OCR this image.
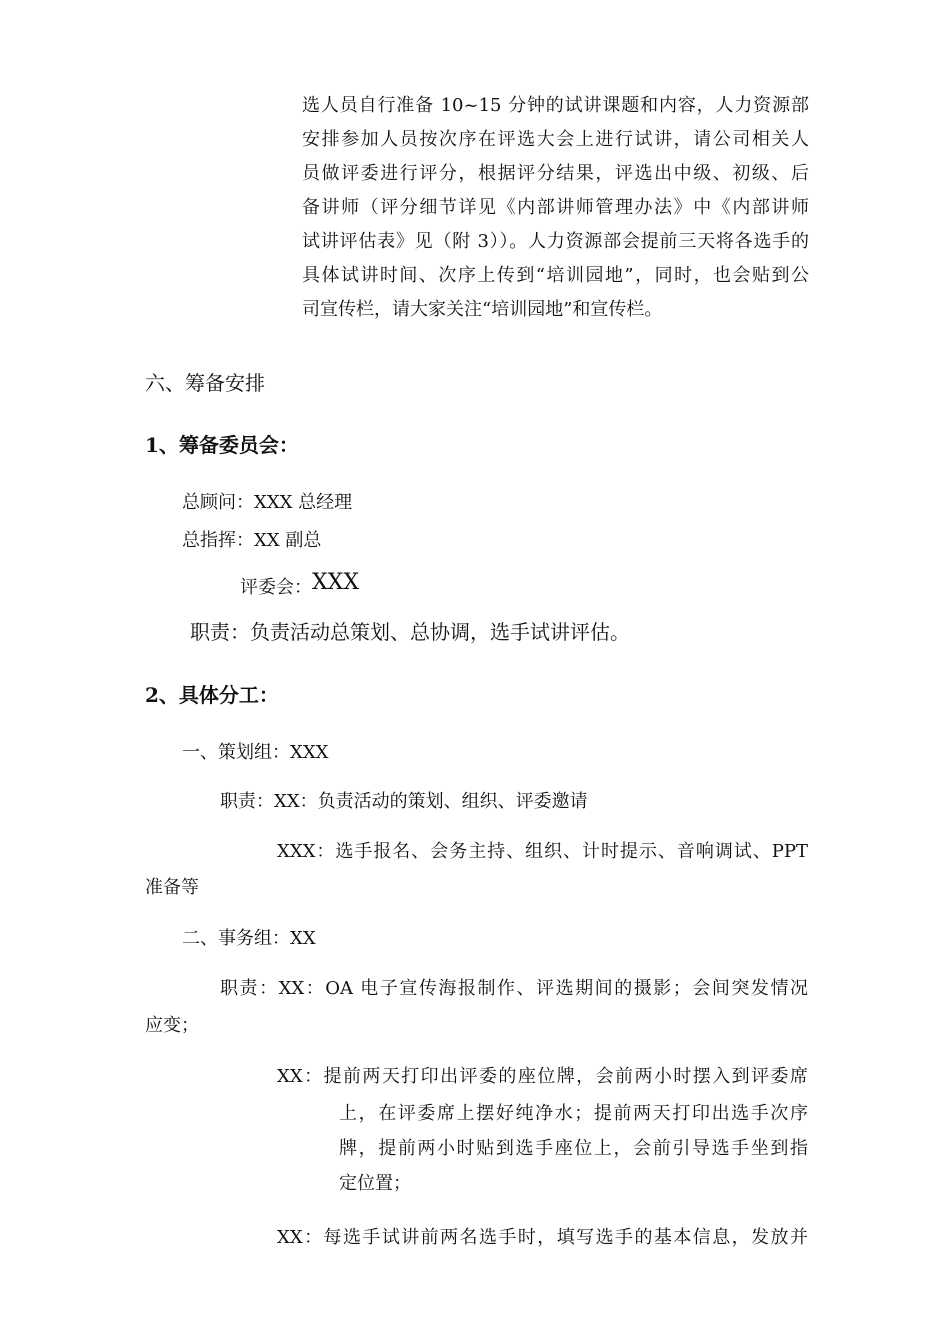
选人员自行准备 10~15 分钟的试讲课题和内容，人力资源部
安排参加人员按次序在评选大会上进行试讲，请公司相关人
员做评委进行评分，根据评分结果，评选出中级、初级、后
备讲师（评分细节详见《内部讲师管理办法》中《内部讲师
试讲评估表》见（附 3））。人力资源部会提前三天将各选手的
具体试讲时间、次序上传到“培训园地”，同时，也会贴到公
司宣传栏，请大家关注“培训园地”和宣传栏。
六、筹备安排
1、筹备委员会：
总顾问：XXX 总经理
总指挥：XX 副总
评委会：XXX
职责：负责活动总策划、总协调，选手试讲评估。
2、具体分工：
一、策划组：XXX
职责：XX：负责活动的策划、组织、评委邀请
XXX：选手报名、会务主持、组织、计时提示、音响调试、PPT
准备等
二、事务组：XX
职责：XX：OA 电子宣传海报制作、评选期间的摄影；会间突发情况
应变；
XX：提前两天打印出评委的座位牌，会前两小时摆入到评委席
上，在评委席上摆好纯净水；提前两天打印出选手次序
牌，提前两小时贴到选手座位上，会前引导选手坐到指
定位置；
XX：每选手试讲前两名选手时，填写选手的基本信息，发放并
